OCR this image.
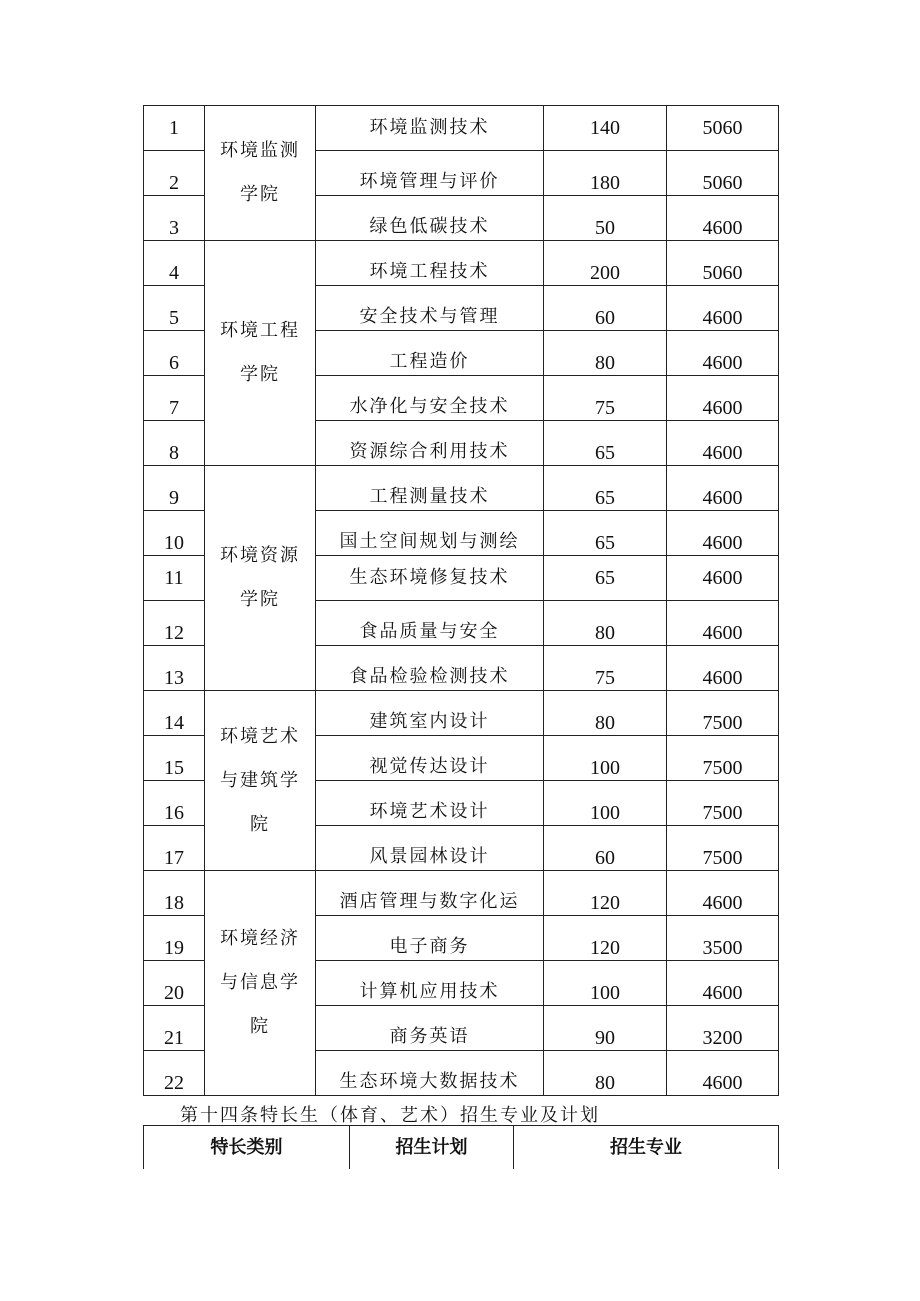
1	环境监测学院	环境监测技术	140	5060
2		环境管理与评价	180	5060
3		绿色低碳技术	50	4600
4	环境工程学院	环境工程技术	200	5060
5		安全技术与管理	60	4600
6		工程造价	80	4600
7		水净化与安全技术	75	4600
8		资源综合利用技术	65	4600
9	环境资源学院	工程测量技术	65	4600
10		国土空间规划与测绘	65	4600
11		生态环境修复技术	65	4600
12		食品质量与安全	80	4600
13		食品检验检测技术	75	4600
14	环境艺术与建筑学院	建筑室内设计	80	7500
15		视觉传达设计	100	7500
16		环境艺术设计	100	7500
17		风景园林设计	60	7500
18	环境经济与信息学院	酒店管理与数字化运	120	4600
19		电子商务	120	3500
20		计算机应用技术	100	4600
21		商务英语	90	3200
22		生态环境大数据技术	80	4600

第十四条特长生（体育、艺术）招生专业及计划

特长类别	招生计划	招生专业
